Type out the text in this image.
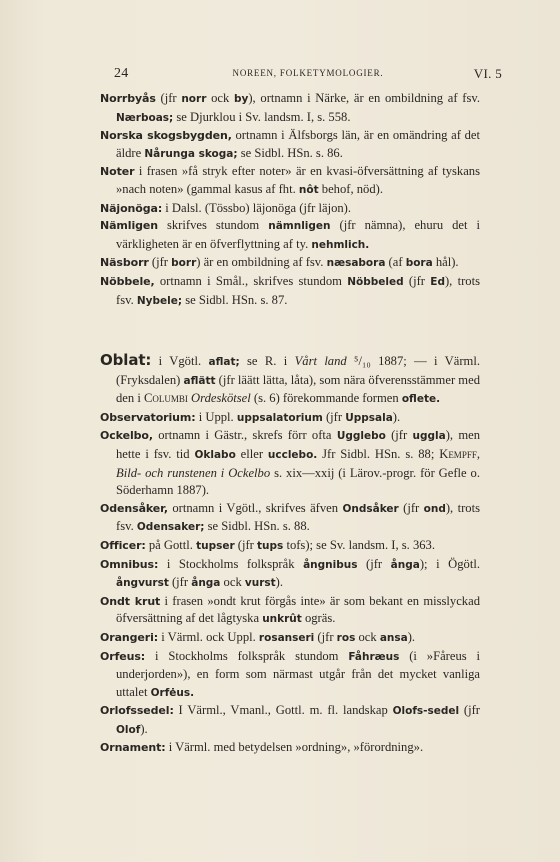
24	NOREEN, FOLKETYMOLOGIER.	VI. 5

Norrbyås (jfr norr ock by), ortnamn i Närke, är en ombildning af fsv. Nærboas; se Djurklou i Sv. landsm. I, s. 558.

Norska skogsbygden, ortnamn i Älfsborgs län, är en omändring af det äldre Nårunga skoga; se Sidbl. HSn. s. 86.

Noter i frasen »få stryk efter noter» är en kvasi-öfversättning af tyskans »nach noten» (gammal kasus af fht. nôt behof, nöd).

Näjonöga: i Dalsl. (Tössbo) läjonöga (jfr läjon).

Nämligen skrifves stundom nämnligen (jfr nämna), ehuru det i värkligheten är en öfverflyttning af ty. nehmlich.

Näsborr (jfr borr) är en ombildning af fsv. næsabora (af bora hål).

Nöbbele, ortnamn i Smål., skrifves stundom Nöbbeled (jfr Ed), trots fsv. Nybele; se Sidbl. HSn. s. 87.

Oblat: i Vgötl. aflat; se R. i Vårt land ⁵/₁₀ 1887; — i Värml. (Fryksdalen) aflätt (jfr läätt lätta, låta), som nära öfverensstämmer med den i Columbi Ordeskötsel (s. 6) förekommande formen oflete.

Observatorium: i Uppl. uppsalatorium (jfr Uppsala).

Ockelbo, ortnamn i Gästr., skrefs förr ofta Ugglebo (jfr uggla), men hette i fsv. tid Oklabo eller ucclebo. Jfr Sidbl. HSn. s. 88; Kempff, Bild- och runstenen i Ockelbo s. xix—xxij (i Lärov.-progr. för Gefle o. Söderhamn 1887).

Odensåker, ortnamn i Vgötl., skrifves äfven Ondsåker (jfr ond), trots fsv. Odensaker; se Sidbl. HSn. s. 88.

Officer: på Gottl. tupser (jfr tups tofs); se Sv. landsm. I, s. 363.

Omnibus: i Stockholms folkspråk ångnibus (jfr ånga); i Ögötl. ångvurst (jfr ånga ock vurst).

Ondt krut i frasen »ondt krut förgås inte» är som bekant en misslyckad öfversättning af det lågtyska unkrût ogräs.

Orangeri: i Värml. ock Uppl. rosanseri (jfr ros ock ansa).

Orfeus: i Stockholms folkspråk stundom Fåhræus (i »Fåreus i underjorden»), en form som närmast utgår från det mycket vanliga uttalet Orfėus.

Orlofssedel: I Värml., Vmanl., Gottl. m. fl. landskap Olofs-sedel (jfr Olof).

Ornament: i Värml. med betydelsen »ordning», »förordning».
